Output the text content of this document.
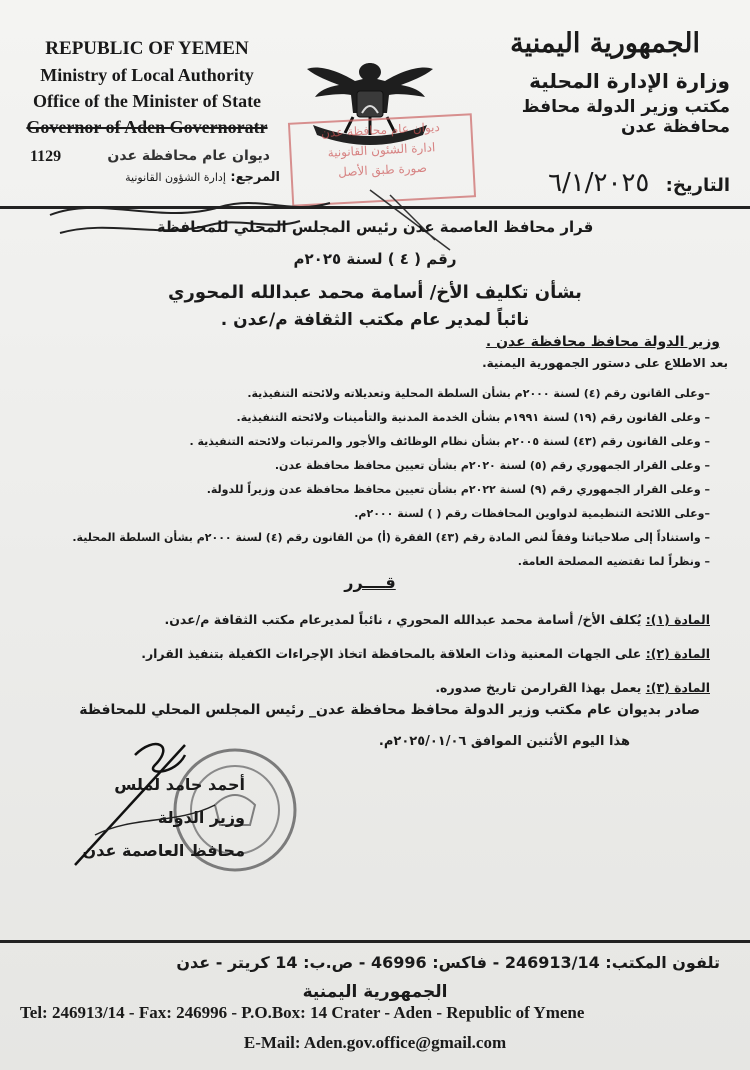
REPUBLIC OF YEMEN
Ministry of Local Authority
Office of the Minister of State
Governor of Aden Governoratr	ديوان عام محافظة عدن
ادارة الشئون القانونية
صورة طبق الأصل
الجمهورية اليمنية
وزارة الإدارة المحلية
مكتب وزير الدولة محافظ محافظة عدن
التاريخ: ٦/١/٢٠٢٥
1129	ديوان عام محافظة عدن
المرجع: إدارة الشؤون القانونية
قرار محافظ العاصمة عدن رئيس المجلس المحلي للمحافظة
رقم ( ٤ ) لسنة ٢٠٢٥م
بشأن تكليف الأخ/ أسامة محمد عبدالله المحوري
نائباً لمدير عام مكتب الثقافة م/عدن .
وزير الدولة محافظ محافظة عدن .
بعد الاطلاع على دستور الجمهورية اليمنية.
–وعلى القانون رقم (٤) لسنة ٢٠٠٠م بشأن السلطة المحلية وتعديلاته ولائحته التنفيذية.
– وعلى القانون رقم (١٩) لسنة ١٩٩١م بشأن الخدمة المدنية والتأمينات ولائحته التنفيذية.
– وعلى القانون رقم (٤٣) لسنة ٢٠٠٥م بشأن نظام الوظائف والأجور والمرتبات ولائحته التنفيذية .
– وعلى القرار الجمهوري رقم (٥) لسنة ٢٠٢٠م بشأن تعيين محافظ محافظة عدن.
– وعلى القرار الجمهوري رقم (٩) لسنة ٢٠٢٢م بشأن تعيين محافظ محافظة عدن وزيراً للدولة.
–وعلى اللائحة التنظيمية لدواوين المحافظات رقم ( ) لسنة ٢٠٠٠م.
– واستناداً إلى صلاحياتنا وفقاً لنص المادة رقم (٤٣) الفقرة (أ) من القانون رقم (٤) لسنة ٢٠٠٠م بشأن السلطة المحلية.
– ونظراً لما تقتضيه المصلحة العامة.
قــــرر
المادة (١): يُكلف الأخ/ أسامة محمد عبدالله المحوري ، نائباً لمديرعام مكتب الثقافة م/عدن.
المادة (٢): على الجهات المعنية وذات العلاقة بالمحافظة اتخاذ الإجراءات الكفيلة بتنفيذ القرار.
المادة (٣): يعمل بهذا القرارمن تاريخ صدوره.
صادر بديوان عام مكتب وزير الدولة محافظ محافظة عدن_ رئيس المجلس المحلي للمحافظة
هذا اليوم الأثنين الموافق ٢٠٢٥/٠١/٠٦م.
أحمد حامد لملس
وزير الدولة
محافظ العاصمة عدن
تلفون المكتب: 246913/14 - فاكس: 46996 - ص.ب: 14 كريتر - عدن
الجمهورية اليمنية
Tel: 246913/14 - Fax: 246996 - P.O.Box: 14 Crater - Aden - Republic of Ymene
E-Mail: Aden.gov.office@gmail.com
